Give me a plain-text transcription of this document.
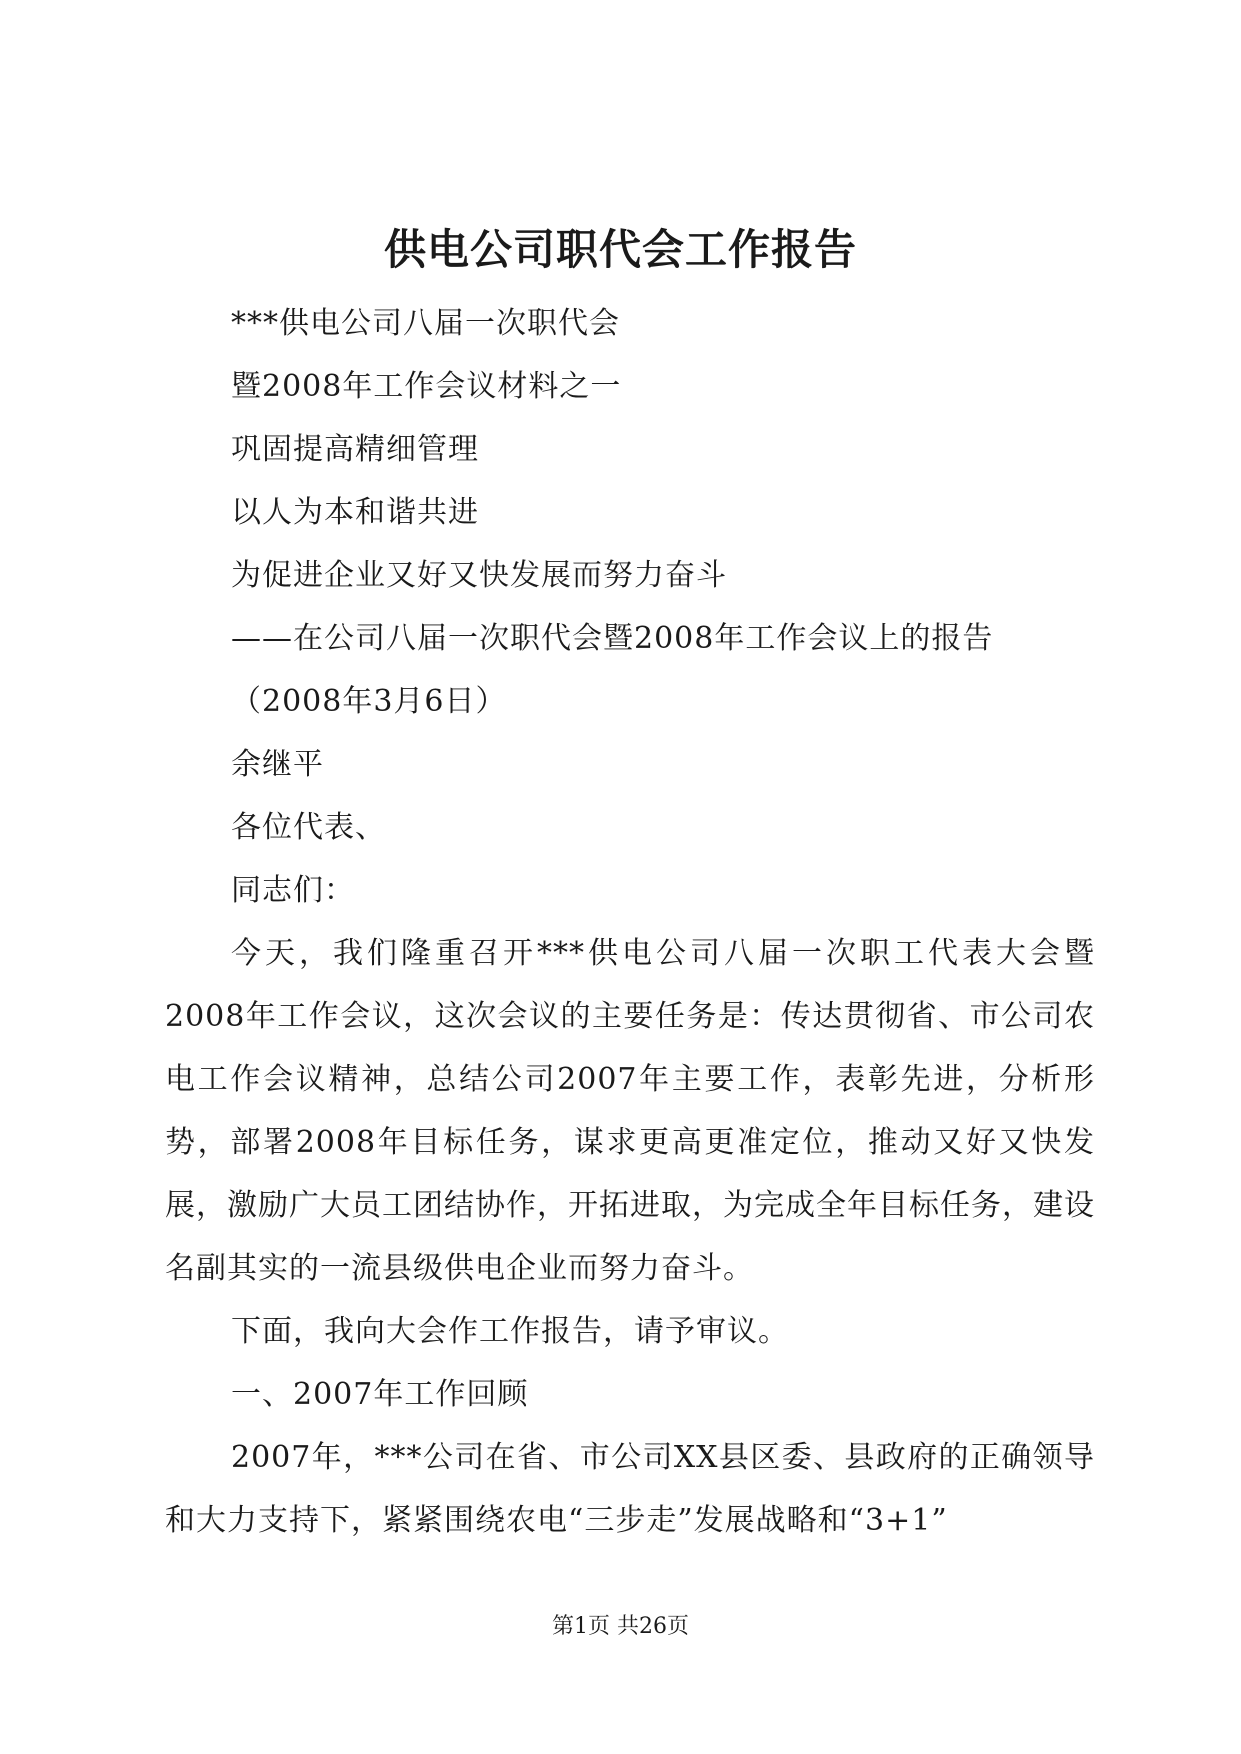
供电公司职代会工作报告
***供电公司八届一次职代会
暨2008年工作会议材料之一
巩固提高精细管理
以人为本和谐共进
为促进企业又好又快发展而努力奋斗
——在公司八届一次职代会暨2008年工作会议上的报告
（2008年3月6日）
余继平
各位代表、
同志们：

今天，我们隆重召开***供电公司八届一次职工代表大会暨2008年工作会议，这次会议的主要任务是：传达贯彻省、市公司农电工作会议精神，总结公司2007年主要工作，表彰先进，分析形势，部署2008年目标任务，谋求更高更准定位，推动又好又快发展，激励广大员工团结协作，开拓进取，为完成全年目标任务，建设名副其实的一流县级供电企业而努力奋斗。

下面，我向大会作工作报告，请予审议。

一、2007年工作回顾

2007年，***公司在省、市公司XX县区委、县政府的正确领导和大力支持下，紧紧围绕农电“三步走”发展战略和“3+1”

第1页 共26页
